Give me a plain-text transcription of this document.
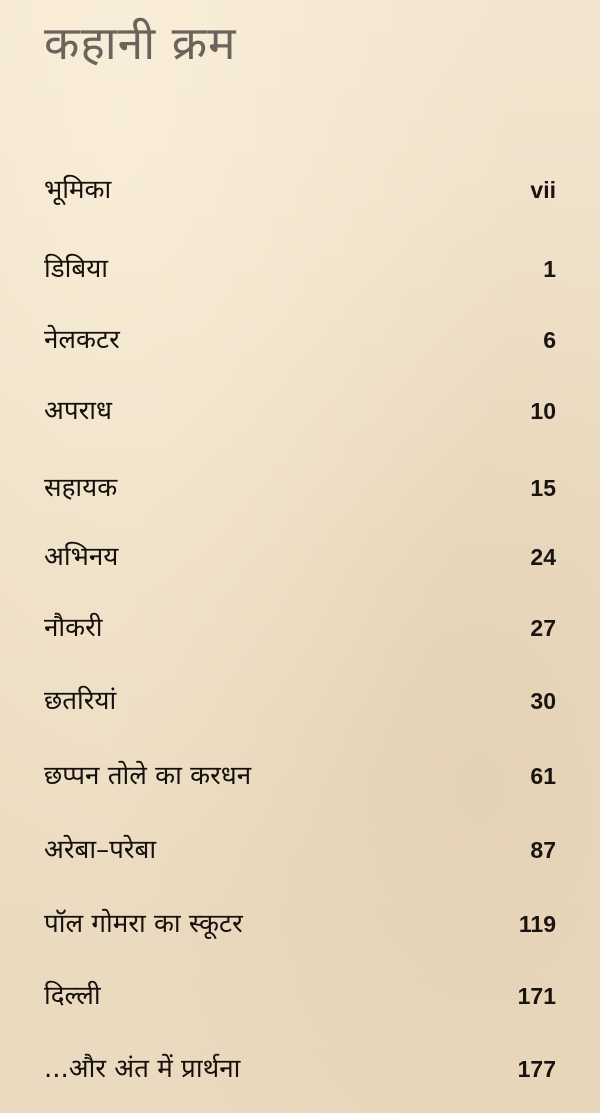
कहानी क्रम
भूमिका	vii
डिबिया	1
नेलकटर	6
अपराध	10
सहायक	15
अभिनय	24
नौकरी	27
छतरियां	30
छप्पन तोले का करधन	61
अरेबा–परेबा	87
पॉल गोमरा का स्कूटर	119
दिल्ली	171
...और अंत में प्रार्थना	177
